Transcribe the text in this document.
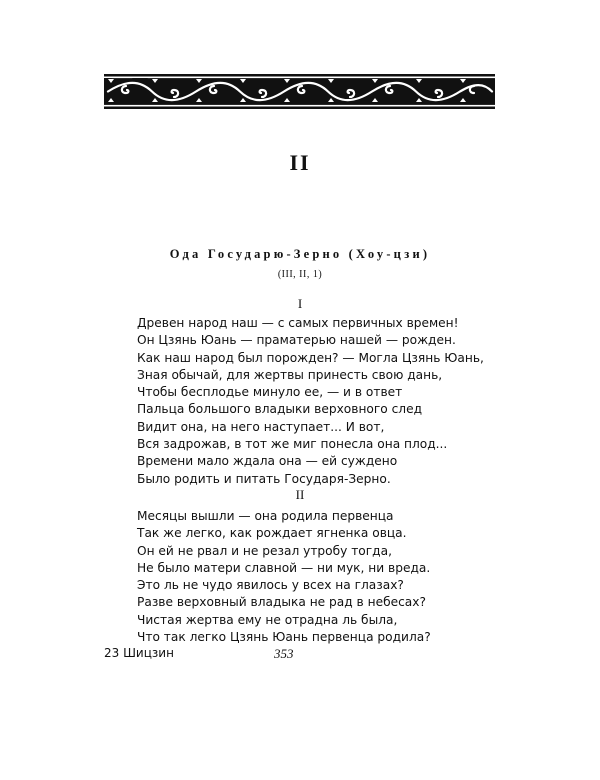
II
Ода Государю-Зерно (Хоу-цзи)
(III, II, 1)
I
Древен народ наш — с самых первичных времен!
Он Цзянь Юань — праматерью нашей — рожден.
Как наш народ был порожден? — Могла Цзянь Юань,
Зная обычай, для жертвы принесть свою дань,
Чтобы бесплодье минуло ее, — и в ответ
Пальца большого владыки верховного след
Видит она, на него наступает... И вот,
Вся задрожав, в тот же миг понесла она плод...
Времени мало ждала она — ей суждено
Было родить и питать Государя-Зерно.
II
Месяцы вышли — она родила первенца
Так же легко, как рождает ягненка овца.
Он ей не рвал и не резал утробу тогда,
Не было матери славной — ни мук, ни вреда.
Это ль не чудо явилось у всех на глазах?
Разве верховный владыка не рад в небесах?
Чистая жертва ему не отрадна ль была,
Что так легко Цзянь Юань первенца родила?
23 Шицзин	353
